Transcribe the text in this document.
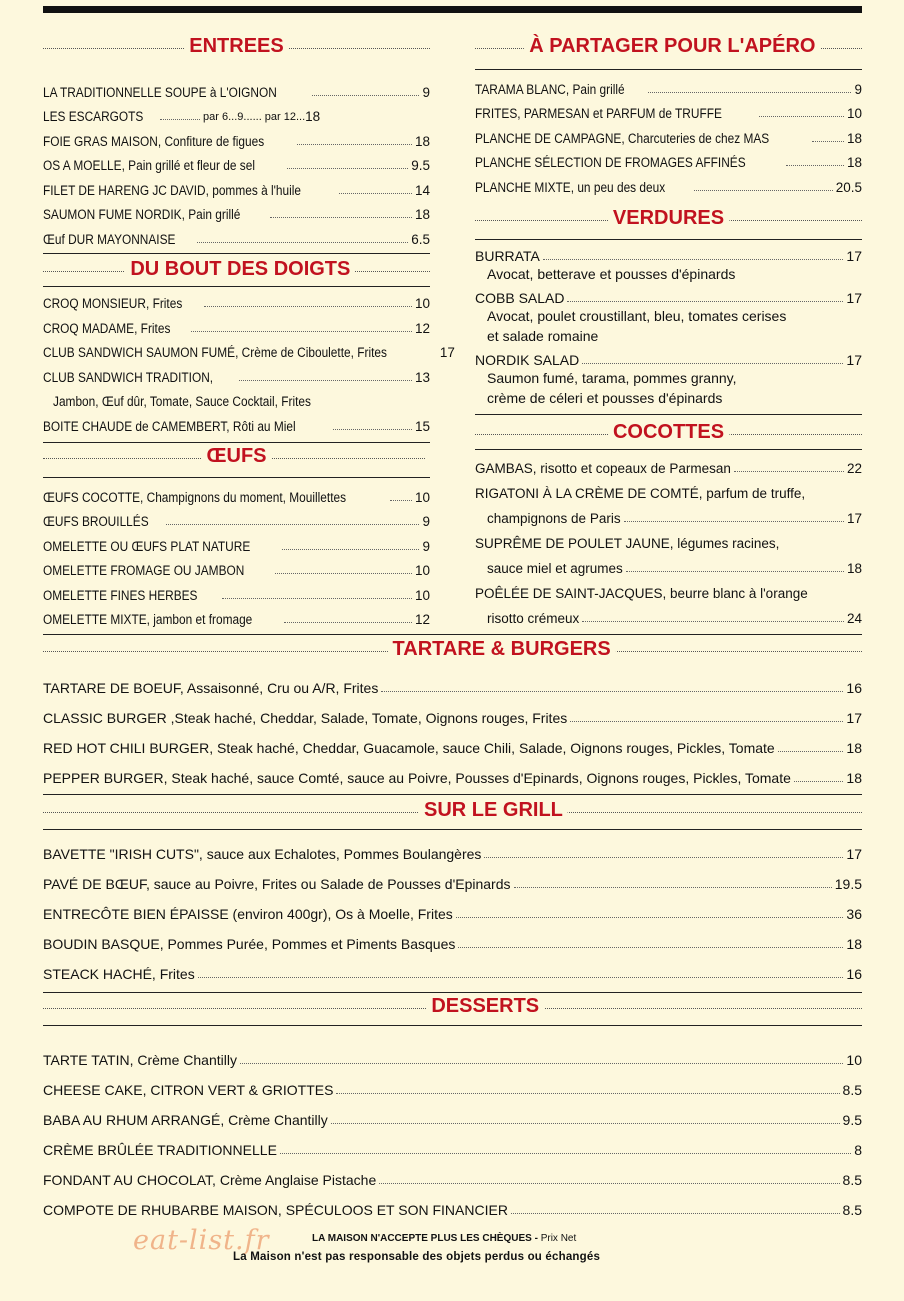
ENTREES
LA TRADITIONNELLE SOUPE à L'OIGNON	9
LES ESCARGOTS	par 6...9. ..... par 12... 18
FOIE GRAS MAISON, Confiture de figues	18
OS A MOELLE, Pain grillé et fleur de sel	9.5
FILET DE HARENG JC DAVID, pommes à l'huile	14
SAUMON FUME NORDIK, Pain grillé	18
Œuf DUR MAYONNAISE	6.5
DU BOUT DES DOIGTS
CROQ MONSIEUR, Frites	10
CROQ MADAME, Frites	12
CLUB SANDWICH SAUMON FUMÉ, Crème de Ciboulette, Frites	17
CLUB SANDWICH TRADITION,	13
Jambon, Œuf dûr, Tomate, Sauce Cocktail, Frites
BOITE CHAUDE de CAMEMBERT, Rôti au Miel	15
ŒUFS
ŒUFS COCOTTE, Champignons du moment, Mouillettes	10
ŒUFS BROUILLÉS	9
OMELETTE OU ŒUFS PLAT NATURE	9
OMELETTE FROMAGE OU JAMBON	10
OMELETTE FINES HERBES	10
OMELETTE MIXTE, jambon et fromage	12
À PARTAGER POUR L'APÉRO
TARAMA BLANC, Pain grillé	9
FRITES, PARMESAN et PARFUM de TRUFFE	10
PLANCHE DE CAMPAGNE, Charcuteries de chez MAS	18
PLANCHE SÉLECTION DE FROMAGES AFFINÉS	18
PLANCHE MIXTE, un peu des deux	20.5
VERDURES
BURRATA	17
Avocat, betterave et pousses d'épinards
COBB SALAD	17
Avocat, poulet croustillant, bleu, tomates cerises
et salade romaine
NORDIK SALAD	17
Saumon fumé, tarama, pommes granny,
crème de céleri et pousses d'épinards
COCOTTES
GAMBAS, risotto et copeaux de Parmesan	22
RIGATONI À LA CRÈME DE COMTÉ, parfum de truffe,
champignons de Paris	17
SUPRÊME DE POULET JAUNE, légumes racines,
sauce miel et agrumes	18
POÊLÉE DE SAINT-JACQUES, beurre blanc à l'orange
risotto crémeux	24
TARTARE & BURGERS
TARTARE DE BOEUF, Assaisonné, Cru ou A/R, Frites	16
CLASSIC BURGER ,Steak haché, Cheddar, Salade, Tomate, Oignons rouges, Frites	17
RED HOT CHILI BURGER, Steak haché, Cheddar, Guacamole, sauce Chili, Salade, Oignons rouges, Pickles, Tomate	18
PEPPER BURGER, Steak haché, sauce Comté, sauce au Poivre, Pousses d'Epinards, Oignons rouges, Pickles, Tomate	18
SUR LE GRILL
BAVETTE "IRISH CUTS", sauce aux Echalotes, Pommes Boulangères	17
PAVÉ DE BŒUF, sauce au Poivre, Frites ou Salade de Pousses d'Epinards	19.5
ENTRECÔTE BIEN ÉPAISSE (environ 400gr), Os à Moelle, Frites	36
BOUDIN BASQUE, Pommes Purée, Pommes et Piments Basques	18
STEACK HACHÉ, Frites	16
DESSERTS
TARTE TATIN, Crème Chantilly	10
CHEESE CAKE, CITRON VERT & GRIOTTES	8.5
BABA AU RHUM ARRANGÉ, Crème Chantilly	9.5
CRÈME BRÛLÉE TRADITIONNELLE	8
FONDANT AU CHOCOLAT, Crème Anglaise Pistache	8.5
COMPOTE DE RHUBARBE MAISON, SPÉCULOOS ET SON FINANCIER	8.5
eat-list.fr	LA MAISON N'ACCEPTE PLUS LES CHÈQUES - Prix Net
La Maison n'est pas responsable des objets perdus ou échangés
